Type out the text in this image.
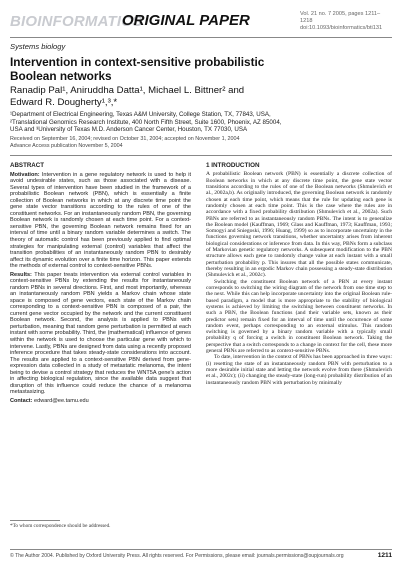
BIOINFORMATICS
ORIGINAL PAPER	Vol. 21 no. 7 2005, pages 1211–1218
doi:10.1093/bioinformatics/bti131
Systems biology
Intervention in context-sensitive probabilistic Boolean networks
Ranadip Pal¹, Aniruddha Datta¹, Michael L. Bittner² and
Edward R. Dougherty¹,³,*
¹Department of Electrical Engineering, Texas A&M University, College Station, TX, 77843, USA,
²Translational Genomics Research Institute, 400 North Fifth Street, Suite 1600, Phoenix, AZ 85004,
USA and ³University of Texas M.D. Anderson Cancer Center, Houston, TX 77030, USA
Received on September 16, 2004; revised on October 31, 2004; accepted on November 1, 2004
Advance Access publication November 5, 2004
ABSTRACT

Motivation: Intervention in a gene regulatory network is used to help it avoid undesirable states, such as those associated with a disease. Several types of intervention have been studied in the framework of a probabilistic Boolean network (PBN), which is essentially a finite collection of Boolean networks in which at any discrete time point the gene state vector transitions according to the rules of one of the constituent networks. For an instantaneously random PBN, the governing Boolean network is randomly chosen at each time point. For a context-sensitive PBN, the governing Boolean network remains fixed for an interval of time until a binary random variable determines a switch. The theory of automatic control has been previously applied to find optimal strategies for manipulating external (control) variables that affect the transition probabilities of an instantaneously random PBN to desirably affect its dynamic evolution over a finite time horizon. This paper extends the methods of external control to context-sensitive PBNs.

Results: This paper treats intervention via external control variables in context-sensitive PBNs by extending the results for instantaneously random PBNs in several directions. First, and most importantly, whereas an instantaneously random PBN yields a Markov chain whose state space is composed of gene vectors, each state of the Markov chain corresponding to a context-sensitive PBN is composed of a pair, the current gene vector occupied by the network and the current constituent Boolean network. Second, the analysis is applied to PBNs with perturbation, meaning that random gene perturbation is permitted at each instant with some probability. Third, the (mathematical) influence of genes within the network is used to choose the particular gene with which to intervene. Lastly, PBNs are designed from data using a recently proposed inference procedure that takes steady-state considerations into account. The results are applied to a context-sensitive PBN derived from gene-expression data collected in a study of metastatic melanoma, the intent being to devise a control strategy that reduces the WNT5A gene's action in affecting biological regulation, since the available data suggest that disruption of this influence could reduce the chance of a melanoma metastasizing.

Contact: edward@ee.tamu.edu

*To whom correspondence should be addressed.
1 INTRODUCTION

A probabilistic Boolean network (PBN) is essentially a discrete collection of Boolean networks in which at any discrete time point, the gene state vector transitions according to the rules of one of the Boolean networks (Shmulevich et al., 2002a,b). As originally introduced, the governing Boolean network is randomly chosen at each time point, which means that the rule for updating each gene is randomly chosen at each time point. This is the case where the rules are in accordance with a fixed probability distribution (Shmulevich et al., 2002a). Such PBNs are referred to as instantaneously random PBNs. The intent is to generalize the Boolean model (Kauffman, 1969; Glass and Kauffman, 1973; Kauffman, 1993; Somogyi and Sniegoski, 1996; Huang, 1999) so as to incorporate uncertainty in the functions governing network transitions, whether uncertainty arises from inherent biological considerations or inference from data. In this way, PBNs form a subclass of Markovian genetic regulatory networks. A subsequent modification to the PBN structure allows each gene to randomly change value at each instant with a small perturbation probability p. This insures that all the possible states communicate, thereby resulting in an ergodic Markov chain possessing a steady-state distribution (Shmulevich et al., 2002c).

Switching the constituent Boolean network of a PBN at every instant corresponds to switching the wiring diagram of the network from one time step to the next. While this can help incorporate uncertainty into the original Boolean rule-based paradigm, a model that is more appropriate to the stability of biological systems is achieved by limiting the switching between constituent networks. In such a PBN, the Boolean functions (and their variable sets, known as their predictor sets) remain fixed for an interval of time until the occurrence of some random event, perhaps corresponding to an external stimulus. This random switching is governed by a binary random variable with a typically small probability q of forcing a switch in constituent Boolean network. Taking the perspective that a switch corresponds to a change in context for the cell, these more general PBNs are referred to as context-sensitive PBNs.

To date, intervention in the context of PBNs has been approached in three ways: (i) resetting the state of an instantaneously random PBN with perturbation to a more desirable initial state and letting the network evolve from there (Shmulevich et al., 2002c); (ii) changing the steady-state (long-run) probability distribution of an instantaneously random PBN with perturbation by minimally

© The Author 2004. Published by Oxford University Press. All rights reserved. For Permissions, please email: journals.permissions@oupjournals.org	1211
